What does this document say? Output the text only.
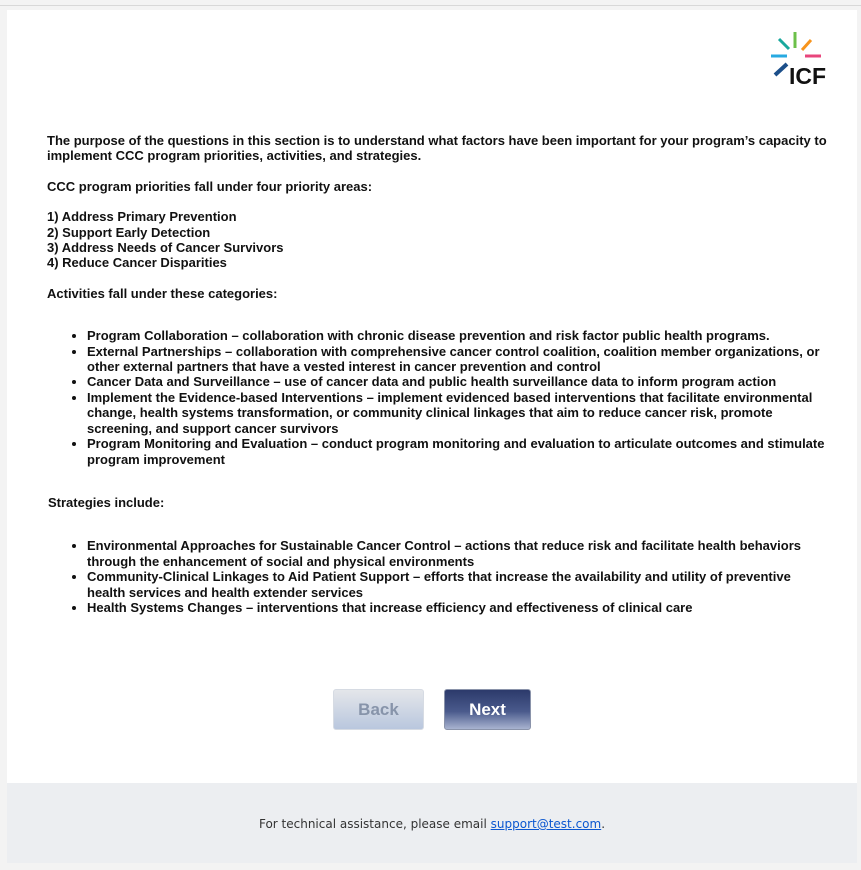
ICF

The purpose of the questions in this section is to understand what factors have been important for your program’s capacity to implement CCC program priorities, activities, and strategies.

CCC program priorities fall under four priority areas:

1) Address Primary Prevention

2) Support Early Detection

3) Address Needs of Cancer Survivors

4) Reduce Cancer Disparities

Activities fall under these categories:

• Program Collaboration – collaboration with chronic disease prevention and risk factor public health programs.
• External Partnerships – collaboration with comprehensive cancer control coalition, coalition member organizations, or other external partners that have a vested interest in cancer prevention and control
• Cancer Data and Surveillance – use of cancer data and public health surveillance data to inform program action
• Implement the Evidence-based Interventions – implement evidenced based interventions that facilitate environmental change, health systems transformation, or community clinical linkages that aim to reduce cancer risk, promote screening, and support cancer survivors
• Program Monitoring and Evaluation – conduct program monitoring and evaluation to articulate outcomes and stimulate program improvement

Strategies include:

• Environmental Approaches for Sustainable Cancer Control – actions that reduce risk and facilitate health behaviors through the enhancement of social and physical environments
• Community-Clinical Linkages to Aid Patient Support – efforts that increase the availability and utility of preventive health services and health extender services
• Health Systems Changes – interventions that increase efficiency and effectiveness of clinical care
Back	Next
For technical assistance, please email
support@test.com .
